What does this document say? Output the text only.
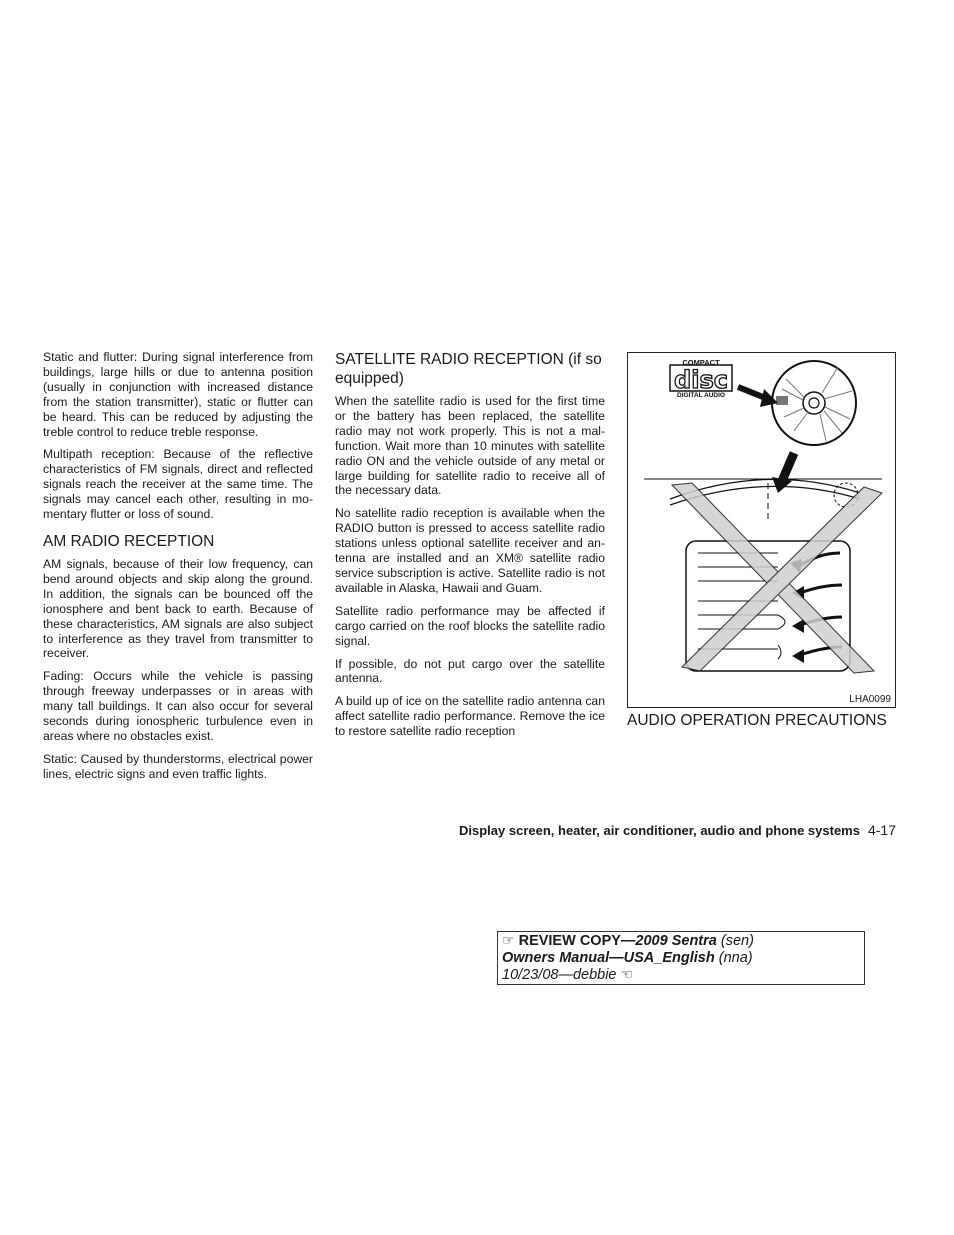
Static and flutter: During signal interference from buildings, large hills or due to antenna position (usually in conjunction with increased distance from the station transmitter), static or flutter can be heard. This can be reduced by adjusting the treble control to reduce treble response.

Multipath reception: Because of the reflective characteristics of FM signals, direct and reflected signals reach the receiver at the same time. The signals may cancel each other, resulting in momentary flutter or loss of sound.

AM RADIO RECEPTION

AM signals, because of their low frequency, can bend around objects and skip along the ground. In addition, the signals can be bounced off the ionosphere and bent back to earth. Because of these characteristics, AM signals are also subject to interference as they travel from transmitter to receiver.

Fading: Occurs while the vehicle is passing through freeway underpasses or in areas with many tall buildings. It can also occur for several seconds during ionospheric turbulence even in areas where no obstacles exist.

Static: Caused by thunderstorms, electrical power lines, electric signs and even traffic lights.

SATELLITE RADIO RECEPTION (if so equipped)

When the satellite radio is used for the first time or the battery has been replaced, the satellite radio may not work properly. This is not a malfunction. Wait more than 10 minutes with satellite radio ON and the vehicle outside of any metal or large building for satellite radio to receive all of the necessary data.

No satellite radio reception is available when the RADIO button is pressed to access satellite radio stations unless optional satellite receiver and antenna are installed and an XM® satellite radio service subscription is active. Satellite radio is not available in Alaska, Hawaii and Guam.

Satellite radio performance may be affected if cargo carried on the roof blocks the satellite radio signal.

If possible, do not put cargo over the satellite antenna.

A build up of ice on the satellite radio antenna can affect satellite radio performance. Remove the ice to restore satellite radio reception

COMPACT
disc
DIGITAL AUDIO
LHA0099
AUDIO OPERATION PRECAUTIONS
Display screen, heater, air conditioner, audio and phone systems 4-17
☞ REVIEW COPY—2009 Sentra (sen)
Owners Manual—USA_English (nna)
10/23/08—debbie ☜
